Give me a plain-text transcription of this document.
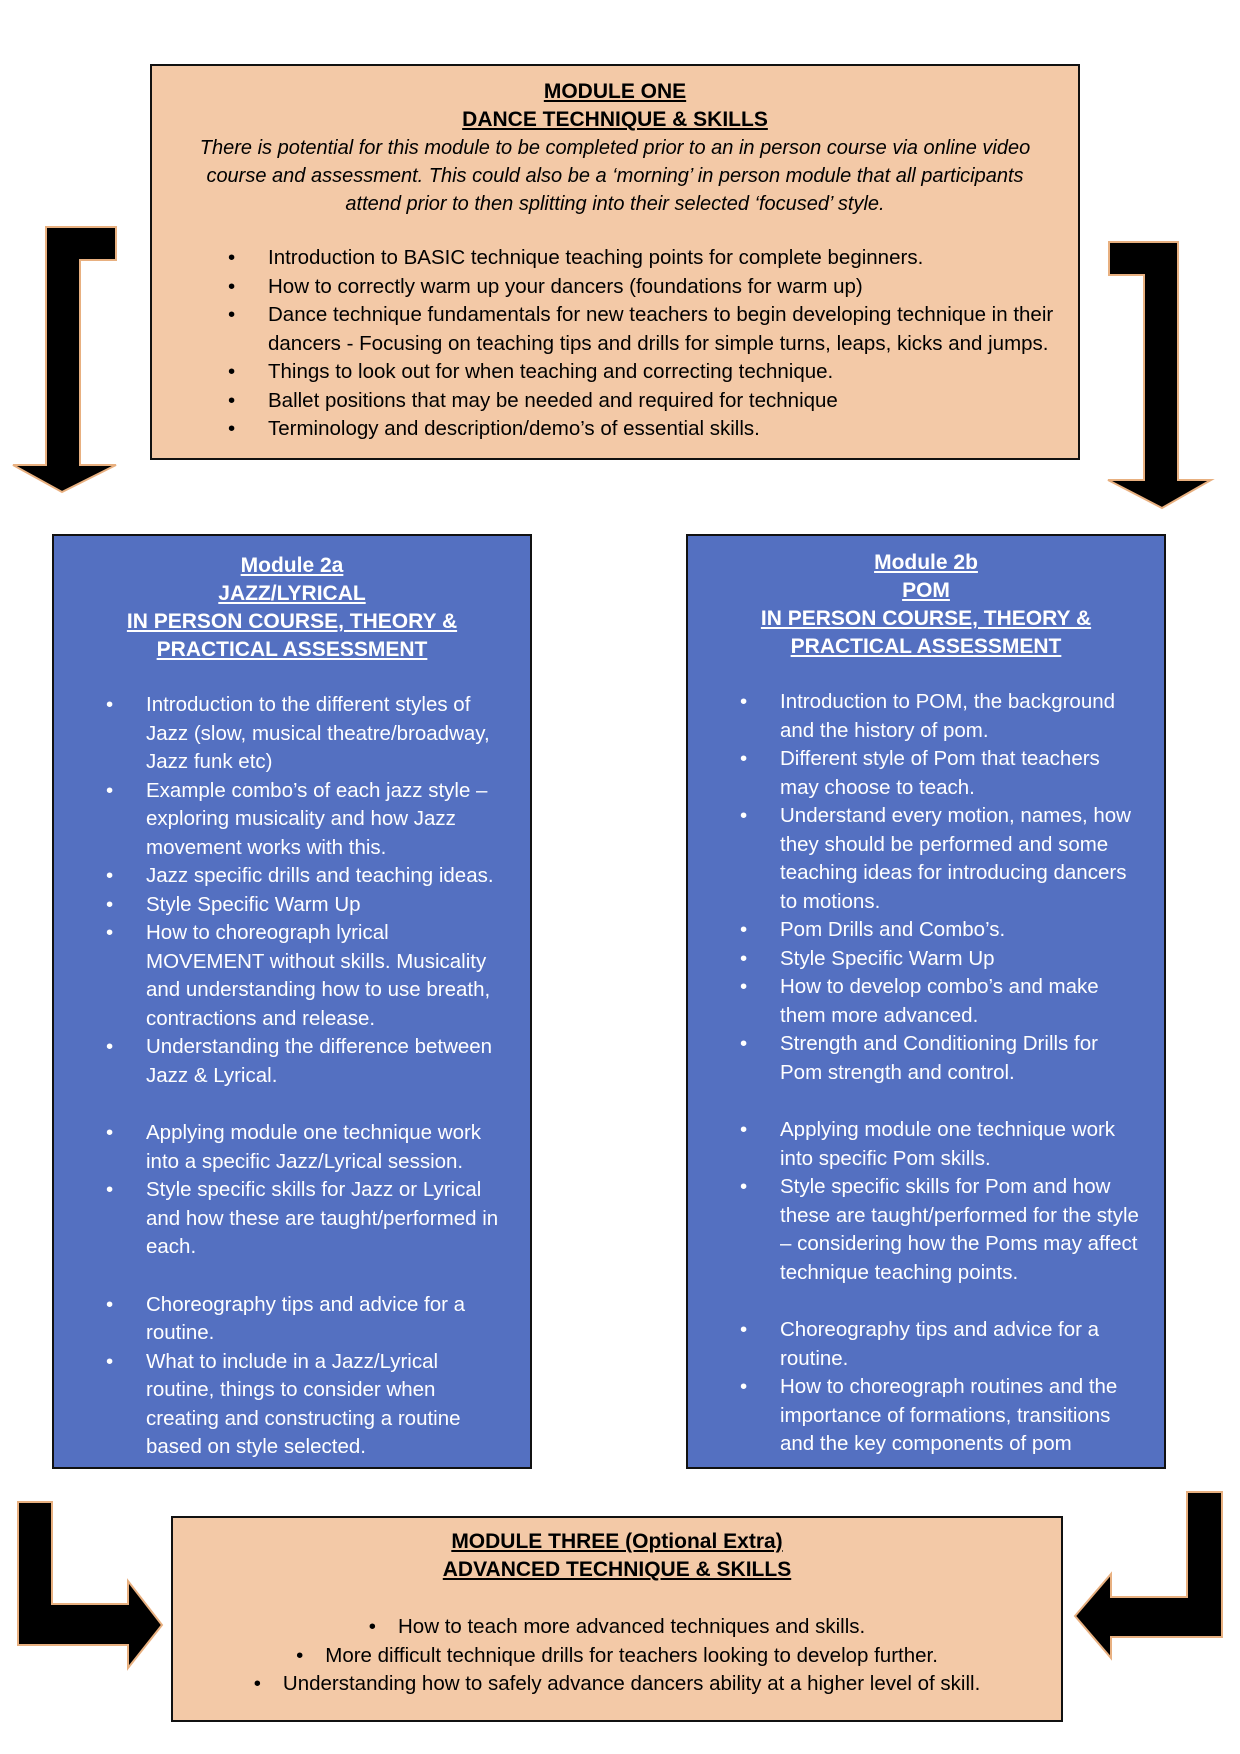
MODULE ONE
DANCE TECHNIQUE & SKILLS
There is potential for this module to be completed prior to an in person course via online video course and assessment. This could also be a ‘morning’ in person module that all participants attend prior to then splitting into their selected ‘focused’ style.
• Introduction to BASIC technique teaching points for complete beginners.
• How to correctly warm up your dancers (foundations for warm up)
• Dance technique fundamentals for new teachers to begin developing technique in their dancers - Focusing on teaching tips and drills for simple turns, leaps, kicks and jumps.
• Things to look out for when teaching and correcting technique.
• Ballet positions that may be needed and required for technique
• Terminology and description/demo’s of essential skills.
Module 2a
JAZZ/LYRICAL
IN PERSON COURSE, THEORY & PRACTICAL ASSESSMENT
• Introduction to the different styles of Jazz (slow, musical theatre/broadway, Jazz funk etc)
• Example combo’s of each jazz style – exploring musicality and how Jazz movement works with this.
• Jazz specific drills and teaching ideas.
• Style Specific Warm Up
• How to choreograph lyrical MOVEMENT without skills. Musicality and understanding how to use breath, contractions and release.
• Understanding the difference between Jazz & Lyrical.
• Applying module one technique work into a specific Jazz/Lyrical session.
• Style specific skills for Jazz or Lyrical and how these are taught/performed in each.
• Choreography tips and advice for a routine.
• What to include in a Jazz/Lyrical routine, things to consider when creating and constructing a routine based on style selected.
Module 2b
POM
IN PERSON COURSE, THEORY & PRACTICAL ASSESSMENT
• Introduction to POM, the background and the history of pom.
• Different style of Pom that teachers may choose to teach.
• Understand every motion, names, how they should be performed and some teaching ideas for introducing dancers to motions.
• Pom Drills and Combo’s.
• Style Specific Warm Up
• How to develop combo’s and make them more advanced.
• Strength and Conditioning Drills for Pom strength and control.
• Applying module one technique work into specific Pom skills.
• Style specific skills for Pom and how these are taught/performed for the style – considering how the Poms may affect technique teaching points.
• Choreography tips and advice for a routine.
• How to choreograph routines and the importance of formations, transitions and the key components of pom
MODULE THREE (Optional Extra)
ADVANCED TECHNIQUE & SKILLS
• How to teach more advanced techniques and skills.
• More difficult technique drills for teachers looking to develop further.
• Understanding how to safely advance dancers ability at a higher level of skill.
